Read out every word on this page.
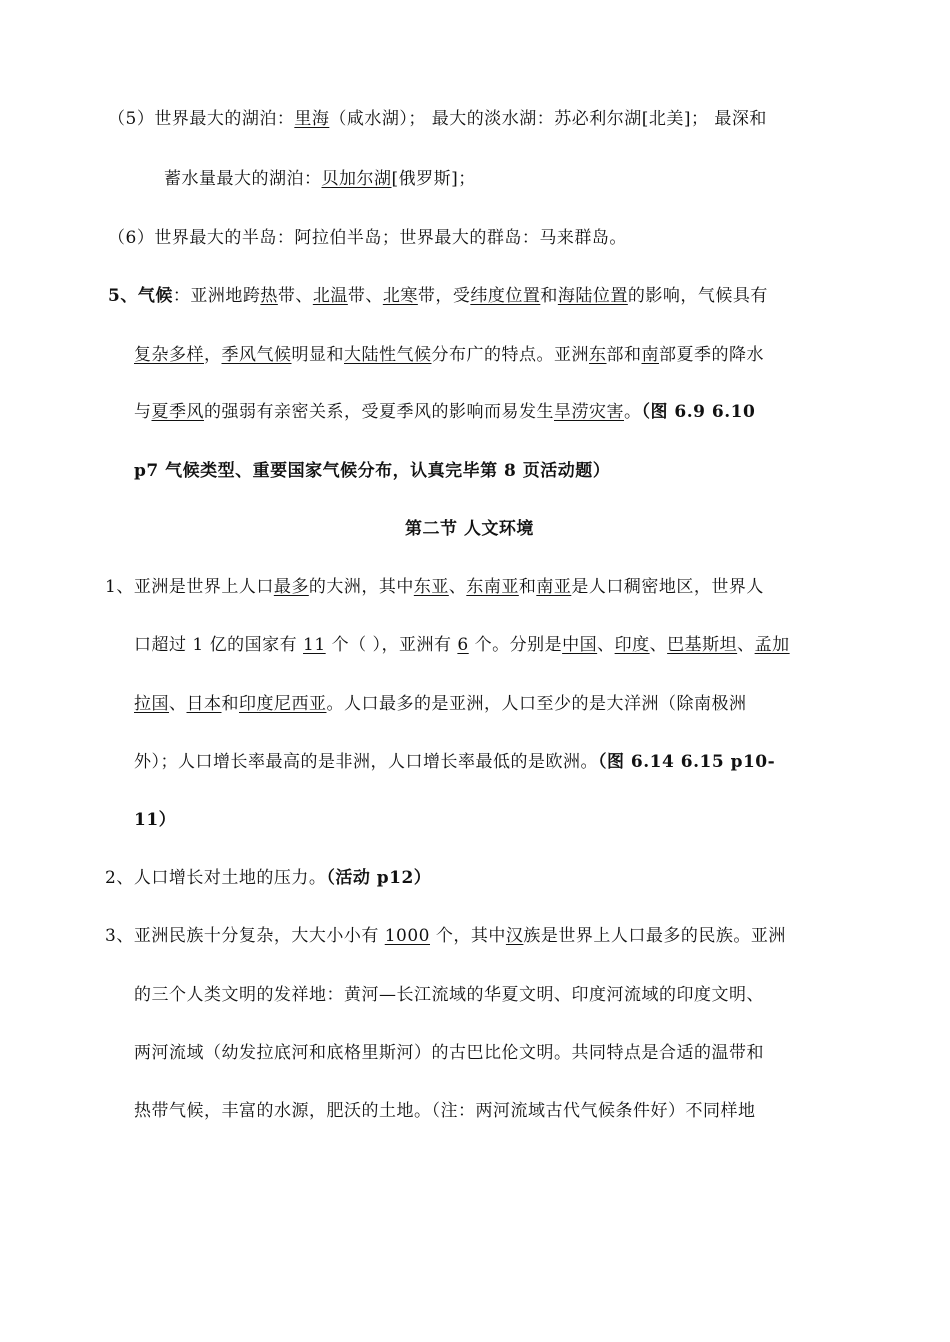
（5）世界最大的湖泊：里海（咸水湖）； 最大的淡水湖：苏必利尔湖[北美]； 最深和
蓄水量最大的湖泊：贝加尔湖[俄罗斯]；
（6）世界最大的半岛：阿拉伯半岛；世界最大的群岛：马来群岛。
5、气候：亚洲地跨热带、北温带、北寒带，受纬度位置和海陆位置的影响，气候具有
复杂多样，季风气候明显和大陆性气候分布广的特点。亚洲东部和南部夏季的降水
与夏季风的强弱有亲密关系，受夏季风的影响而易发生旱涝灾害。（图 6.9 6.10
p7 气候类型、重要国家气候分布，认真完毕第 8 页活动题）
第二节 人文环境
1、亚洲是世界上人口最多的大洲，其中东亚、东南亚和南亚是人口稠密地区，世界人
口超过 1 亿的国家有 11 个（ ），亚洲有 6 个。分别是中国、印度、巴基斯坦、孟加
拉国、日本和印度尼西亚。人口最多的是亚洲，人口至少的是大洋洲（除南极洲
外）；人口增长率最高的是非洲，人口增长率最低的是欧洲。（图 6.14 6.15 p10-
11）
2、人口增长对土地的压力。（活动 p12）
3、亚洲民族十分复杂，大大小小有 1000 个，其中汉族是世界上人口最多的民族。亚洲
的三个人类文明的发祥地：黄河—长江流域的华夏文明、印度河流域的印度文明、
两河流域（幼发拉底河和底格里斯河）的古巴比伦文明。共同特点是合适的温带和
热带气候，丰富的水源，肥沃的土地。（注：两河流域古代气候条件好）不同样地
